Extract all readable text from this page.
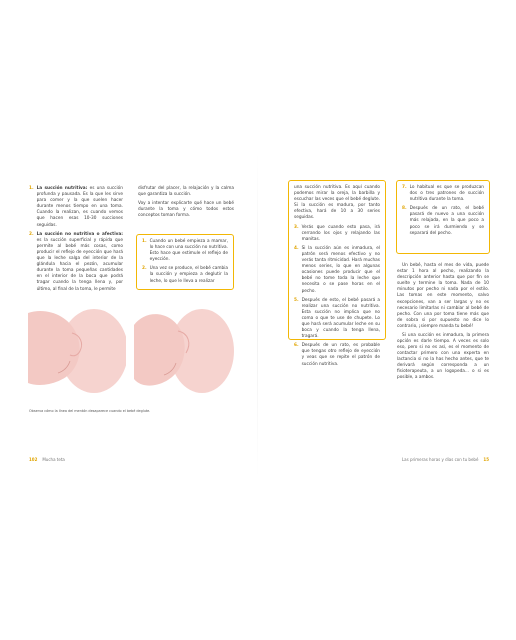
1. La succión nutritiva: es una succión profunda y pausada. Es la que les sirve para comer y la que suelen hacer durante menos tiempo en una toma. Cuando la realizan, es cuando vemos que hacen esas 10-30 succiones seguidas.
2. La succión no nutritiva o afectiva: es la succión superficial y rápida que permite al bebé más cosas, como producir el reflejo de eyección que hará que la leche salga del interior de la glándula hacia el pezón, acumular durante la toma pequeñas cantidades en el interior de la boca que podrá tragar cuando la tenga llena y, por último, al final de la toma, le permite

disfrutar del placer, la relajación y la calma que garantiza la succión.

Voy a intentar explicarte qué hace un bebé durante la toma y cómo todos estos conceptos toman forma.

1. Cuando un bebé empieza a mamar, lo hace con una succión no nutritiva. Esto hace que estimule el reflejo de eyección.
2. Una vez se produce, el bebé cambia la succión y empieza a deglutir la leche, lo que le lleva a realizar
Observa cómo la línea del mentón desaparece cuando el bebé deglute.
102 Mucha teta
una succión nutritiva. Es aquí cuando podemos mirar la oreja, la barbilla y escuchar las veces que el bebé deglute. Si la succión es madura, por tanto efectiva, hará de 10 a 30 series seguidas.
3. Verás que cuando esto pasa, irá cerrando los ojos y relajando las manitas.
4. Si la succión aún es inmadura, el patrón será menos efectivo y no verás tanta ritmicidad. Hará muchas menos series, lo que en algunas ocasiones puede producir que el bebé no tome toda la leche que necesita o se pase horas en el pecho.
5. Después de esto, el bebé pasará a realizar una succión no nutritiva. Esta succión no implica que no coma o que te use de chupete. Lo que hará será acumular leche en su boca y cuando la tenga llena, tragará.
6. Después de un rato, es probable que tengas otro reflejo de eyección y veas que se repite el patrón de succión nutritiva.
7. Lo habitual es que se produzcan dos o tres patrones de succión nutritiva durante la toma.
8. Después de un rato, el bebé pasará de nuevo a una succión más relajada, en la que poco a poco se irá durmiendo y se separará del pecho.

Un bebé, hasta el mes de vida, puede estar 1 hora al pecho, realizando la descripción anterior hasta que por fin se suelte y termine la toma. Nada de 10 minutos por pecho ni nada por el estilo. Las tomas en este momento, salvo excepciones, van a ser largas y no es necesario limitarlas ni cambiar al bebé de pecho. Con una por toma tiene más que de sobra si por supuesto no dice lo contrario, ¡siempre manda tu bebé!

Si una succión es inmadura, la primera opción es darle tiempo. A veces es solo eso, pero si no es así, es el momento de contactar primero con una experta en lactancia si no la has hecho antes, que te derivará según corresponda a un fisioterapeuta, a un logopeda... o si es posible, a ambos.

Las primeras horas y días con tu bebé 15
